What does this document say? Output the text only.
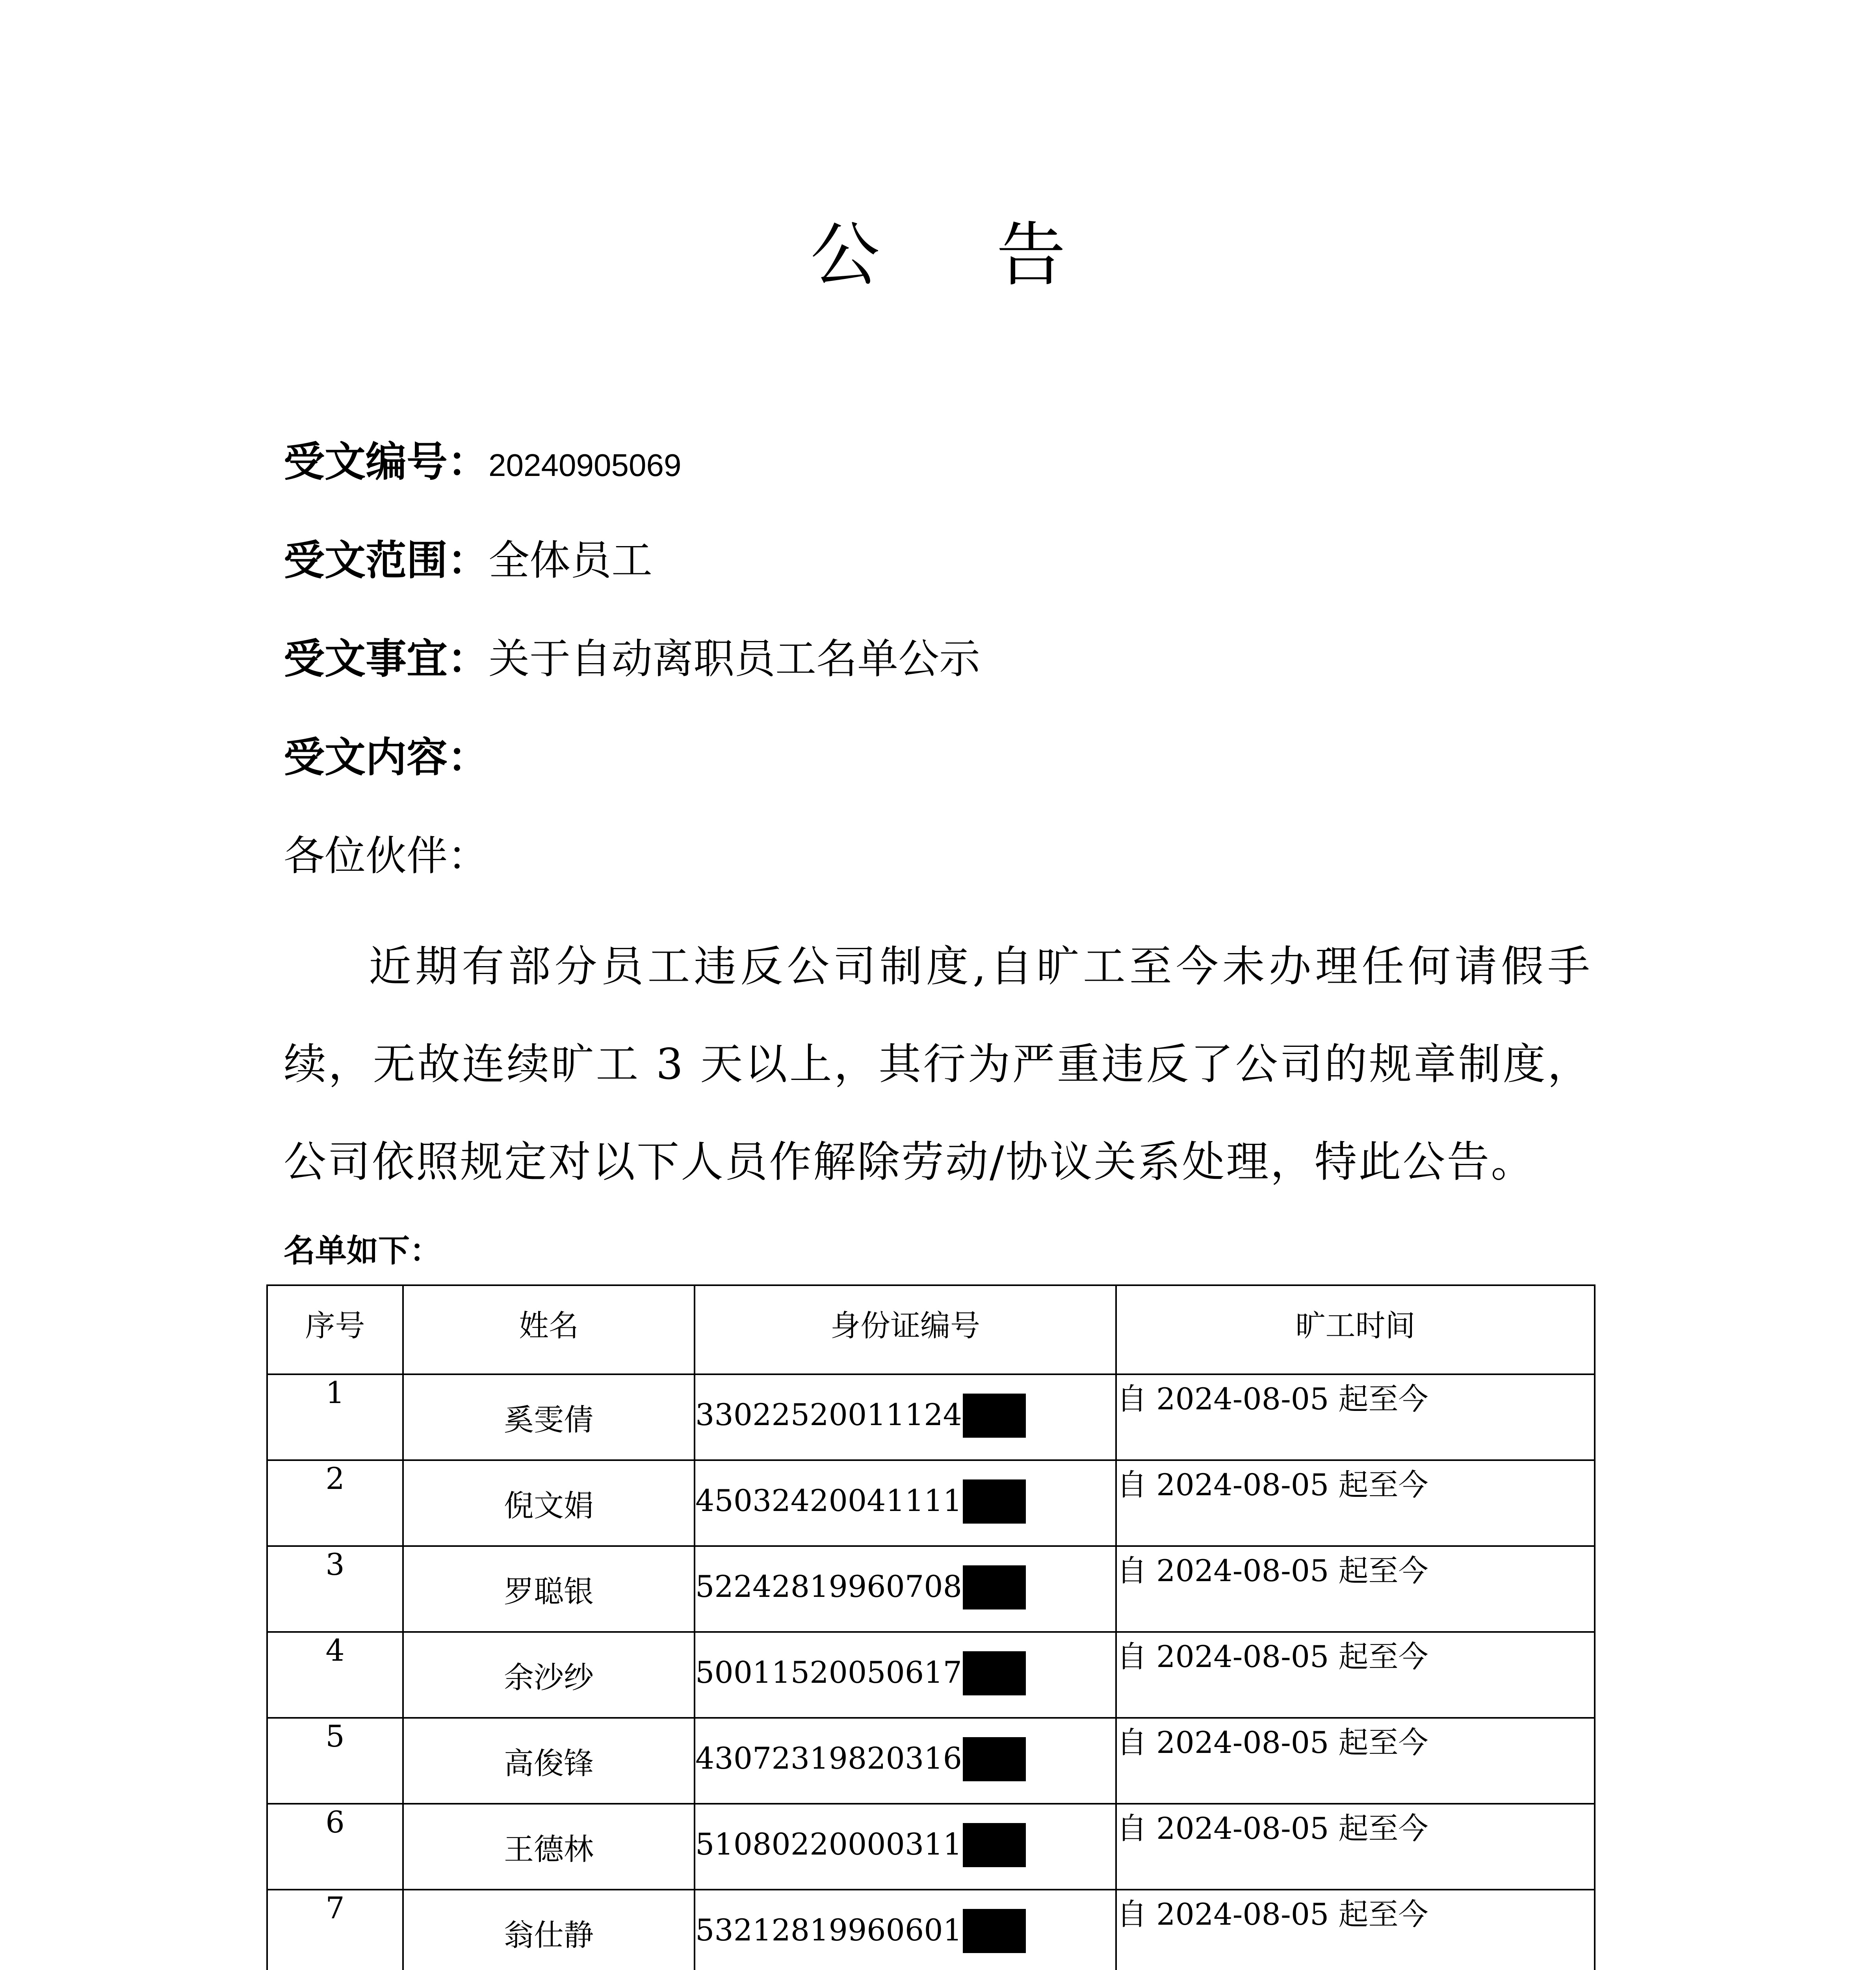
公 告
受文编号：20240905069
受文范围：全体员工
受文事宜：关于自动离职员工名单公示
受文内容：
各位伙伴：
近期有部分员工违反公司制度,自旷工至今未办理任何请假手续，无故连续旷工 3 天以上，其行为严重违反了公司的规章制度，公司依照规定对以下人员作解除劳动/协议关系处理，特此公告。
名单如下：
序号	姓名	身份证编号	旷工时间
1	奚雯倩	33022520011124	自 2024-08-05 起至今
2	倪文娟	45032420041111	自 2024-08-05 起至今
3	罗聪银	52242819960708	自 2024-08-05 起至今
4	余沙纱	50011520050617	自 2024-08-05 起至今
5	高俊锋	43072319820316	自 2024-08-05 起至今
6	王德林	51080220000311	自 2024-08-05 起至今
7	翁仕静	53212819960601	自 2024-08-05 起至今
